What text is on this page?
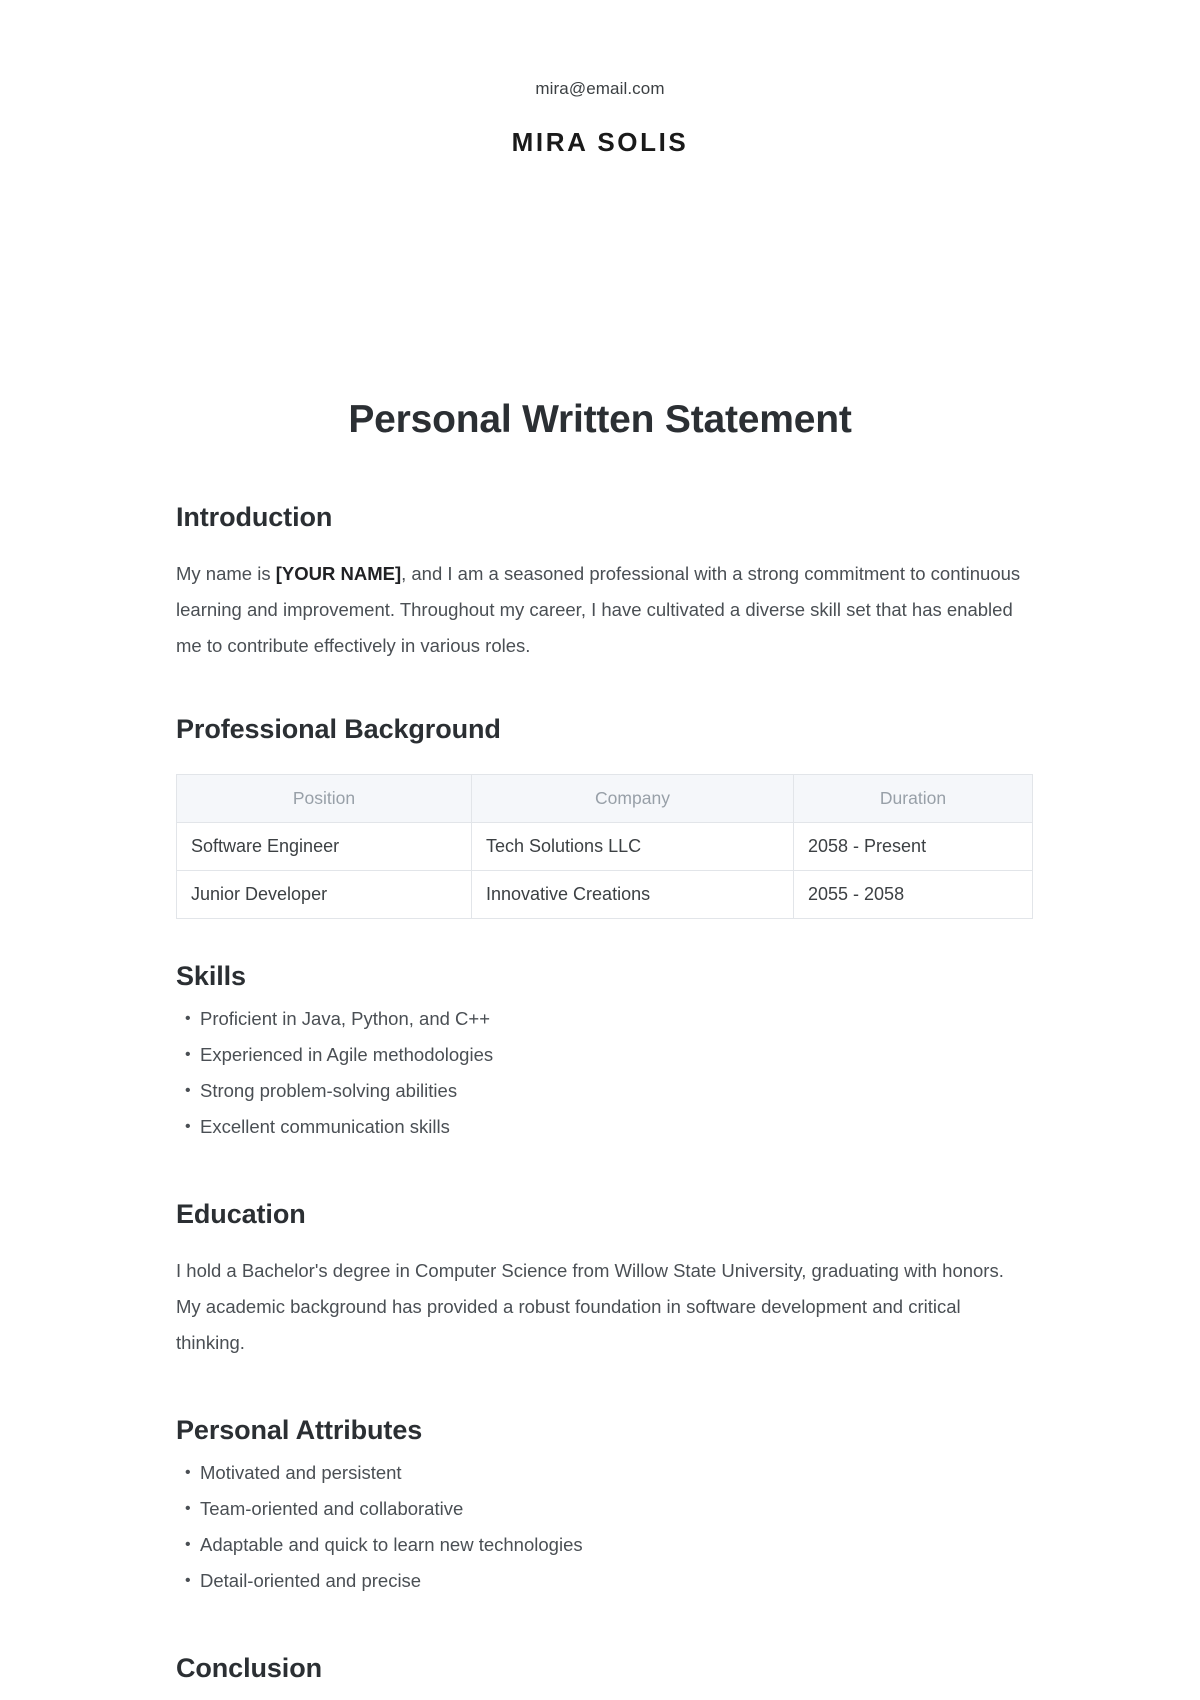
mira@email.com
MIRA SOLIS
Personal Written Statement
Introduction

My name is [YOUR NAME], and I am a seasoned professional with a strong commitment to continuous learning and improvement. Throughout my career, I have cultivated a diverse skill set that has enabled me to contribute effectively in various roles.

Professional Background
Position	Company	Duration
Software Engineer	Tech Solutions LLC	2058 - Present
Junior Developer	Innovative Creations	2055 - 2058
Skills
• Proficient in Java, Python, and C++
• Experienced in Agile methodologies
• Strong problem-solving abilities
• Excellent communication skills
Education

I hold a Bachelor's degree in Computer Science from Willow State University, graduating with honors. My academic background has provided a robust foundation in software development and critical thinking.

Personal Attributes
• Motivated and persistent
• Team-oriented and collaborative
• Adaptable and quick to learn new technologies
• Detail-oriented and precise
Conclusion
